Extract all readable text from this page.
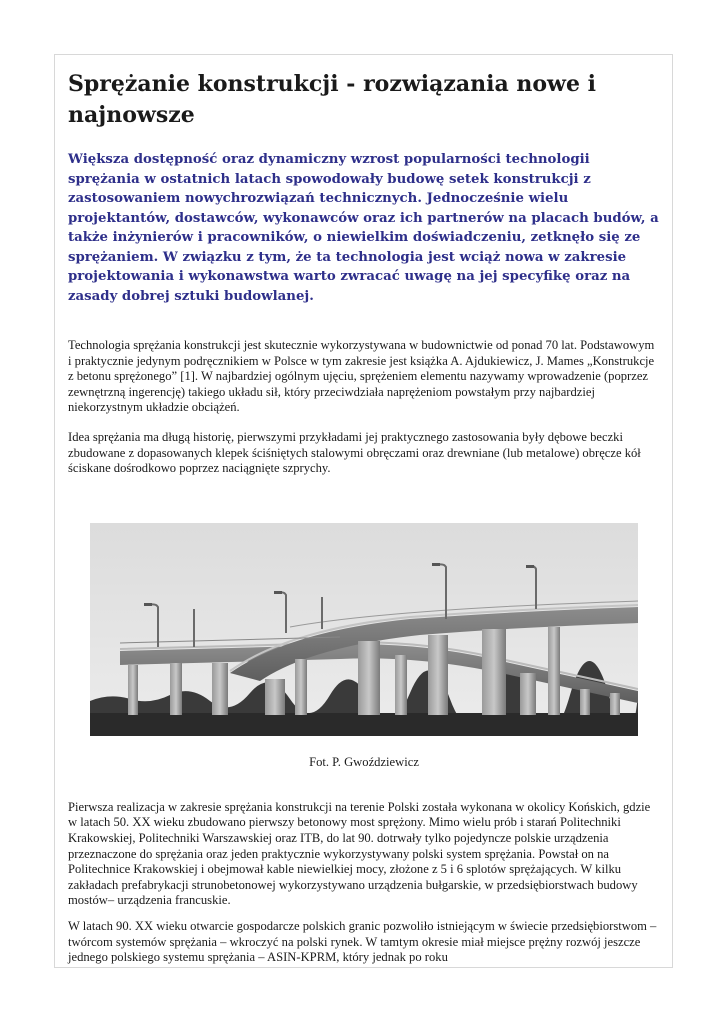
Sprężanie konstrukcji - rozwiązania nowe i najnowsze

Większa dostępność oraz dynamiczny wzrost popularności technologii sprężania w ostatnich latach spowodowały budowę setek konstrukcji z zastosowaniem nowychrozwiązań technicznych. Jednocześnie wielu projektantów, dostawców, wykonawców oraz ich partnerów na placach budów, a także inżynierów i pracowników, o niewielkim doświadczeniu, zetknęło się ze sprężaniem. W związku z tym, że ta technologia jest wciąż nowa w zakresie projektowania i wykonawstwa warto zwracać uwagę na jej specyfikę oraz na zasady dobrej sztuki budowlanej.

Technologia sprężania konstrukcji jest skutecznie wykorzystywana w budownictwie od ponad 70 lat. Podstawowym i praktycznie jedynym podręcznikiem w Polsce w tym zakresie jest książka A. Ajdukiewicz, J. Mames „Konstrukcje z betonu sprężonego” [1]. W najbardziej ogólnym ujęciu, sprężeniem elementu nazywamy wprowadzenie (poprzez zewnętrzną ingerencję) takiego układu sił, który przeciwdziała naprężeniom powstałym przy najbardziej niekorzystnym układzie obciążeń.

Idea sprężania ma długą historię, pierwszymi przykładami jej praktycznego zastosowania były dębowe beczki zbudowane z dopasowanych klepek ściśniętych stalowymi obręczami oraz drewniane (lub metalowe) obręcze kół ściskane dośrodkowo poprzez naciągnięte szprychy.

Fot. P. Gwoździewicz

Pierwsza realizacja w zakresie sprężania konstrukcji na terenie Polski została wykonana w okolicy Końskich, gdzie w latach 50. XX wieku zbudowano pierwszy betonowy most sprężony. Mimo wielu prób i starań Politechniki Krakowskiej, Politechniki Warszawskiej oraz ITB, do lat 90. dotrwały tylko pojedyncze polskie urządzenia przeznaczone do sprężania oraz jeden praktycznie wykorzystywany polski system sprężania. Powstał on na Politechnice Krakowskiej i obejmował kable niewielkiej mocy, złożone z 5 i 6 splotów sprężających. W kilku zakładach prefabrykacji strunobetonowej wykorzystywano urządzenia bułgarskie, w przedsiębiorstwach budowy mostów– urządzenia francuskie.

W latach 90. XX wieku otwarcie gospodarcze polskich granic pozwoliło istniejącym w świecie przedsiębiorstwom – twórcom systemów sprężania – wkroczyć na polski rynek. W tamtym okresie miał miejsce prężny rozwój jeszcze jednego polskiego systemu sprężania – ASIN-KPRM, który jednak po roku
